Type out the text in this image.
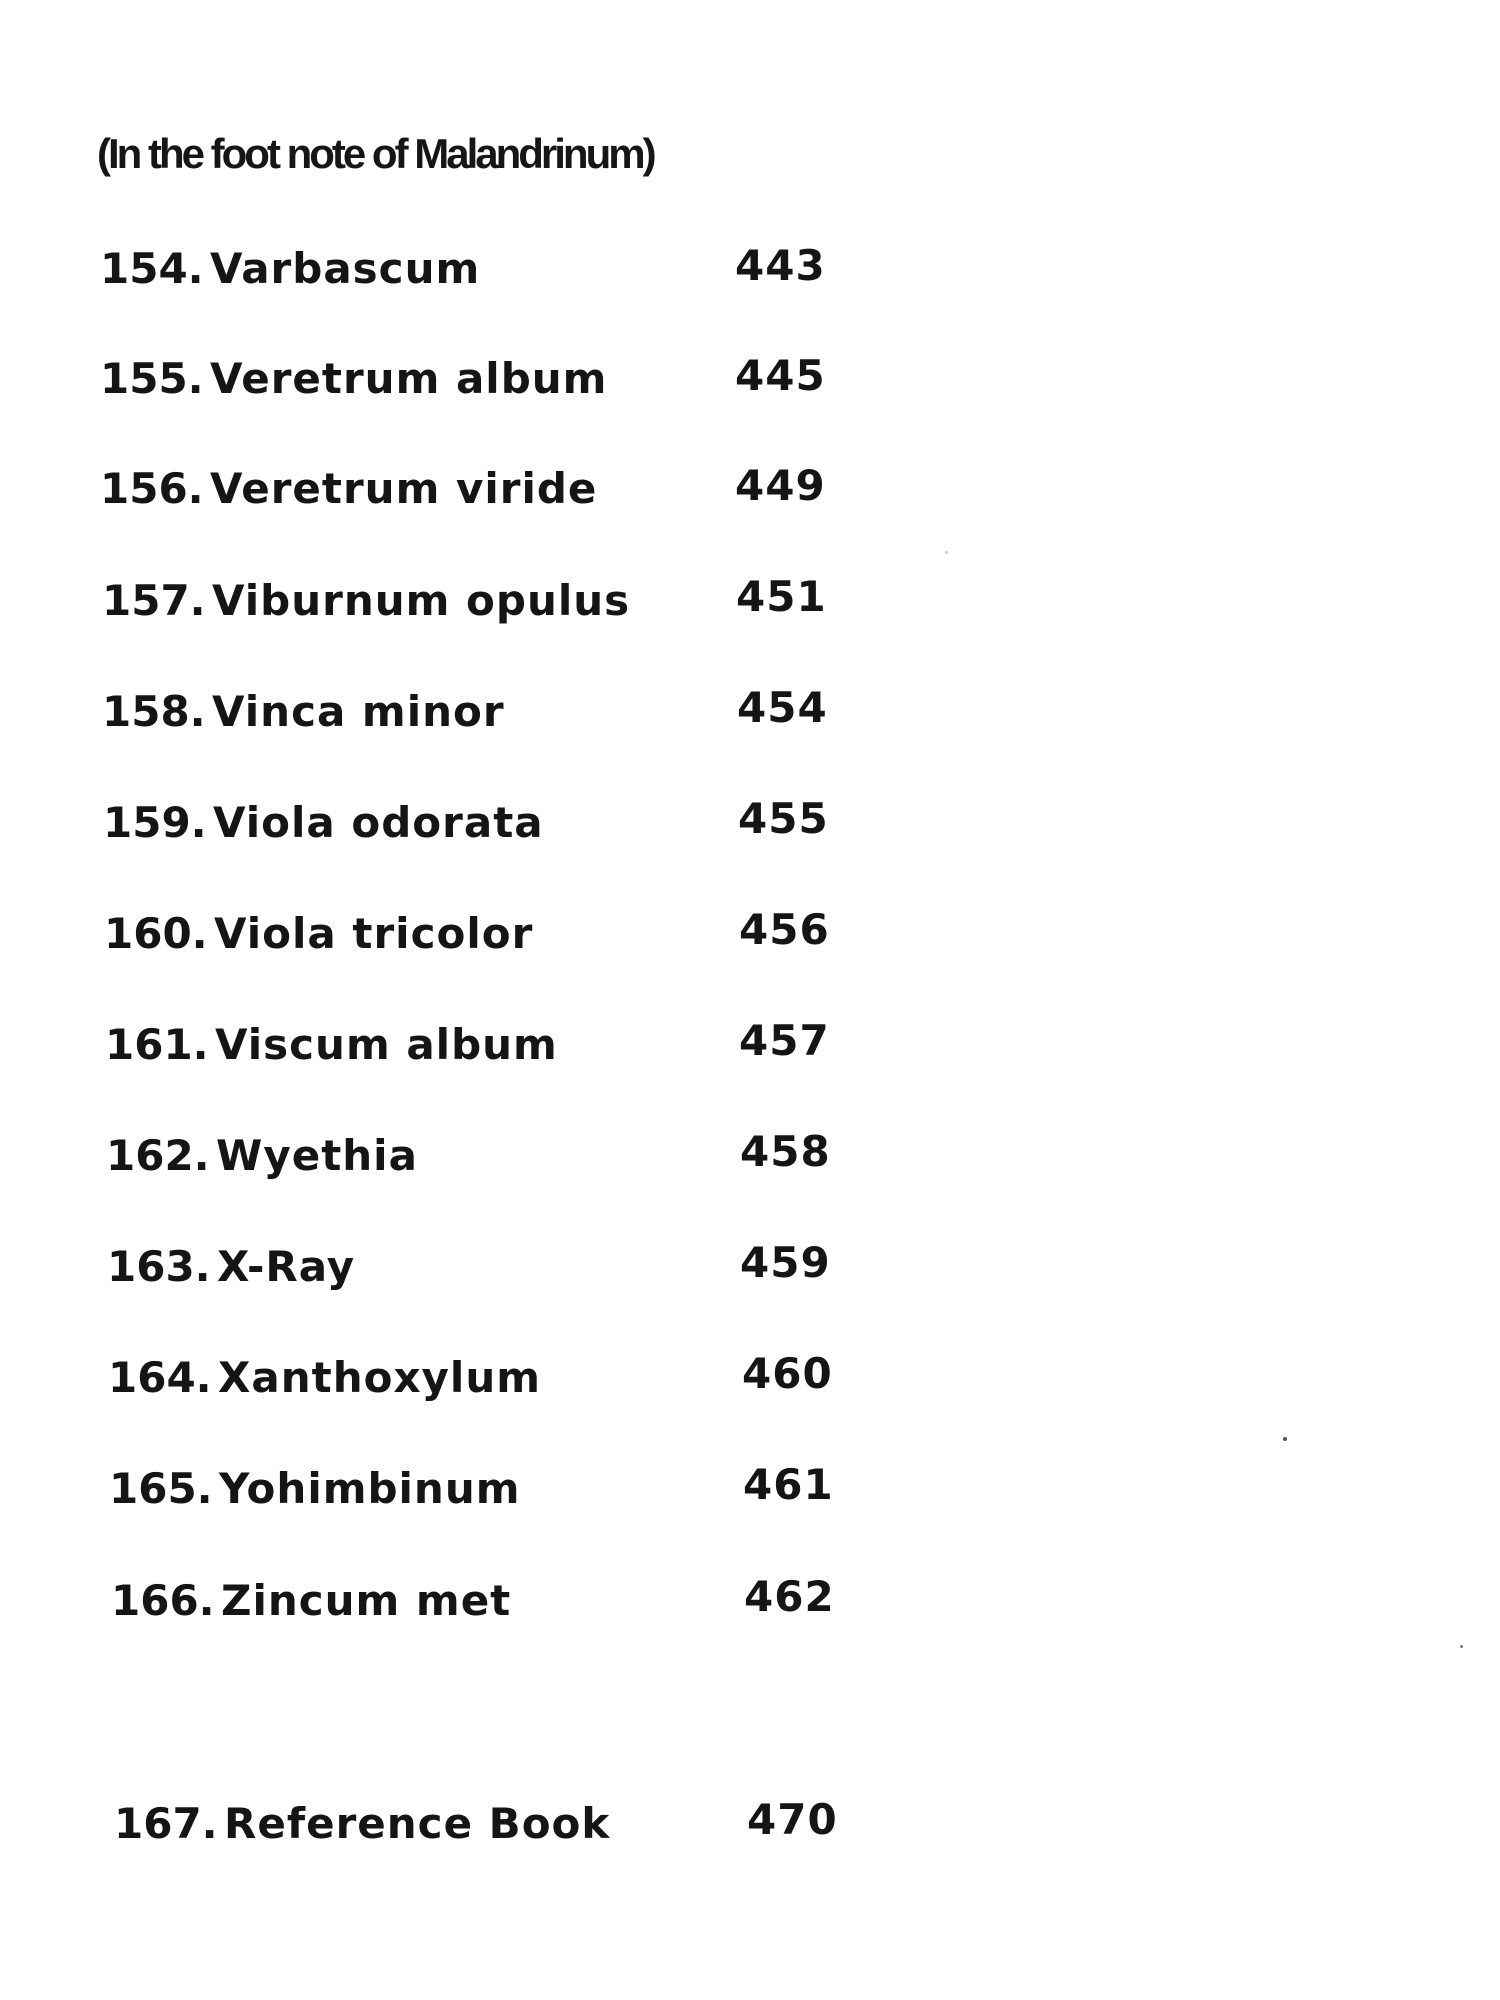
(In the foot note of Malandrinum)
154. Varbascum	443
155. Veretrum album	445
156. Veretrum viride	449
157. Viburnum opulus	451
158. Vinca minor	454
159. Viola odorata	455
160. Viola tricolor	456
161. Viscum album	457
162. Wyethia	458
163. X-Ray	459
164. Xanthoxylum	460
165. Yohimbinum	461
166. Zincum met	462
167. Reference Book	470
